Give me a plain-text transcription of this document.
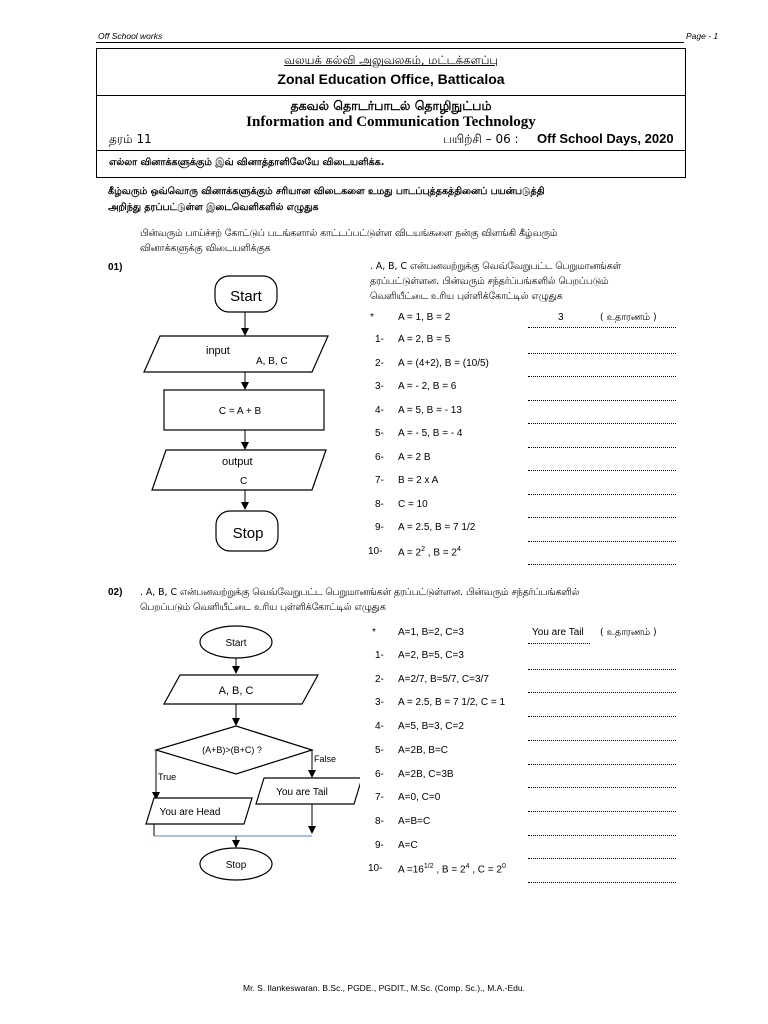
Off School works	Page - 1
வலயக் கல்வி அலுவலகம், மட்டக்களப்பு
Zonal Education Office, Batticaloa
தகவல் தொடர்பாடல் தொழிநுட்பம்
Information and Communication Technology
தரம் 11	பயிற்சி – 06 : Off School Days, 2020
எல்லா வினாக்களுக்கும் இவ் வினாத்தாளிலேயே விடையளிக்க.
கீழ்வரும் ஒவ்வொரு வினாக்களுக்கும் சரியான விடைகளை உமது பாடப்புத்தகத்தினைப் பயன்படுத்தி
அறிந்து தரப்பட்டுள்ள இடைவெளிகளில் எழுதுக
பின்வரும் பாய்ச்சற் கோட்டுப் படங்களால் காட்டப்பட்டுள்ள விடயங்களை நன்கு விளங்கி கீழ்வரும்
வினாக்களுக்கு விடையளிக்குக
01)	. A, B, C என்பனவற்றுக்கு வெவ்வேறுபட்ட பெறுமானங்கள்
தரப்பட்டுள்ளன. பின்வரும் சந்தர்ப்பங்களில் பெறப்படும்
வெளியீட்டை உரிய புள்ளிக்கோட்டில் எழுதுக
Start
input
A, B, C
C = A + B
output
C
Stop
* A = 1, B = 2	3	( உதாரணம் )
1- A = 2, B = 5
2- A = (4+2), B = (10/5)
3- A = - 2, B = 6
4- A = 5, B = - 13
5- A = - 5, B = - 4
6- A = 2 B
7- B = 2 x A
8- C = 10
9- A = 2.5, B = 7 1/2
10- $A = 2^2$ , $B = 2^4$
02) . A, B, C என்பனவற்றுக்கு வெவ்வேறுபட்ட பெறுமானங்கள் தரப்பட்டுள்ளன. பின்வரும் சந்தர்ப்பங்களில்
பெறப்படும் வெளியீட்டை உரிய புள்ளிக்கோட்டில் எழுதுக
Start
A, B, C
(A+B)>(B+C) ?
True
False
You are Head
You are Tail
Stop
* A=1, B=2, C=3	You are Tail ( உதாரணம் )
1- A=2, B=5, C=3
2- A=2/7, B=5/7, C=3/7
3- A = 2.5, B = 7 1/2, C = 1
4- A=5, B=3, C=2
5- A=2B, B=C
6- A=2B, C=3B
7- A=0, C=0
8- A=B=C
9- A=C
10- $A =16^{1/2}$ , $B = 2^4$ , $C = 2^0$
Mr. S. Ilankeswaran. B.Sc., PGDE., PGDIT., M.Sc. (Comp. Sc.)., M.A.-Edu.
